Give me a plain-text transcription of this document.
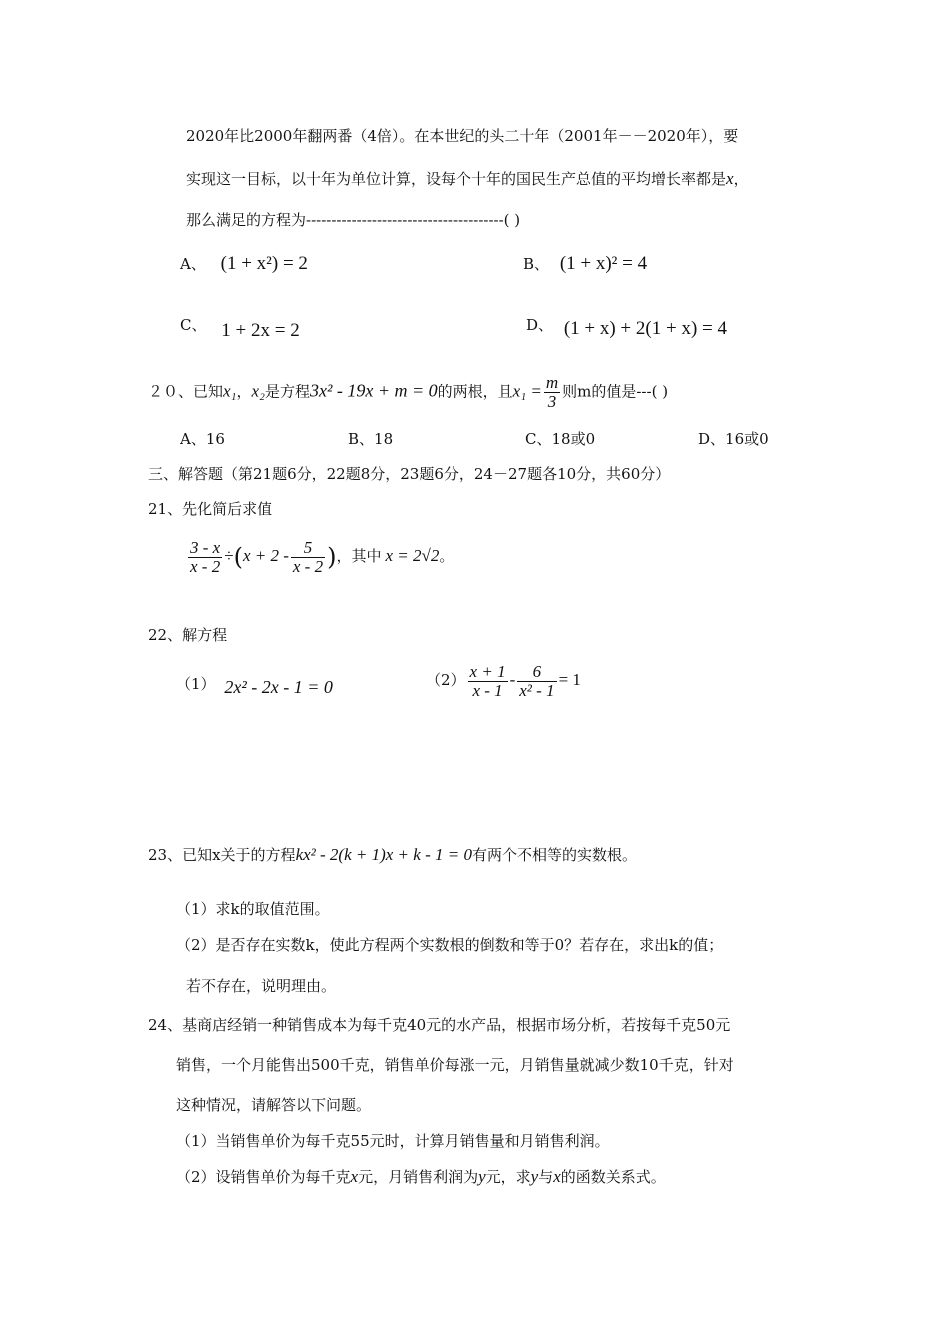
2020年比2000年翻两番（4倍）。在本世纪的头二十年（2001年－－2020年），要
实现这一目标，以十年为单位计算，设每个十年的国民生产总值的平均增长率都是x，
那么满足的方程为---------------------------------------( )
A、 (1 + x²) = 2	B、 (1 + x)² = 4
C、 1 + 2x = 2	D、 (1 + x) + 2(1 + x) = 4
２０、已知x₁，x₂是方程3x² - 19x + m = 0的两根，且$x_1 = \frac{m}{3}$ 则m的值是---( )
A、16	B、18	C、18或0	D、16或0
三、解答题（第21题6分，22题8分，23题6分，24－27题各10分，共60分）
21、先化简后求值
$\frac{3 - x}{x - 2} \div(x + 2 - \frac{5}{x - 2}$ )，其中 x = 2√2。
22、解方程
（1） 2x² - 2x - 1 = 0	$(2) \frac{x + 1}{x - 1} - \frac{6}{\text{x² - 1}} = 1$
23、已知x关于的方程kx² - 2(k + 1)x + k - 1 = 0有两个不相等的实数根。
（1）求k的取值范围。
（2）是否存在实数k，使此方程两个实数根的倒数和等于0？若存在，求出k的值；
若不存在，说明理由。
24、基商店经销一种销售成本为每千克40元的水产品，根据市场分析，若按每千克50元
销售，一个月能售出500千克，销售单价每涨一元，月销售量就减少数10千克，针对
这种情况，请解答以下问题。
（1）当销售单价为每千克55元时，计算月销售量和月销售利润。
（2）设销售单价为每千克x元，月销售利润为y元，求y与x的函数关系式。
